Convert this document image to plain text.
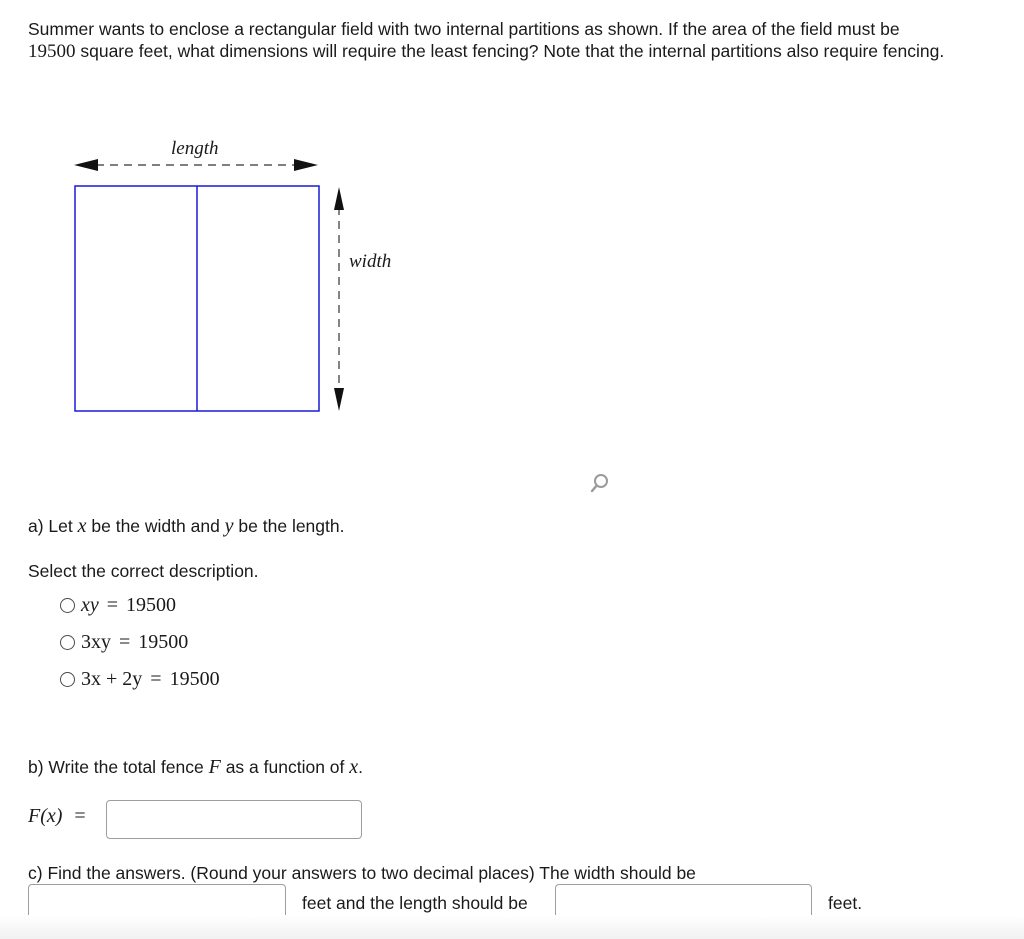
Summer wants to enclose a rectangular field with two internal partitions as shown. If the area of the field must be 19500 square feet, what dimensions will require the least fencing? Note that the internal partitions also require fencing.
length
width
a) Let x be the width and y be the length.
Select the correct description.
xy = 19500
3xy = 19500
3x + 2y = 19500
b) Write the total fence F as a function of x.
F(x) =
c) Find the answers. (Round your answers to two decimal places) The width should be
feet and the length should be	feet.
